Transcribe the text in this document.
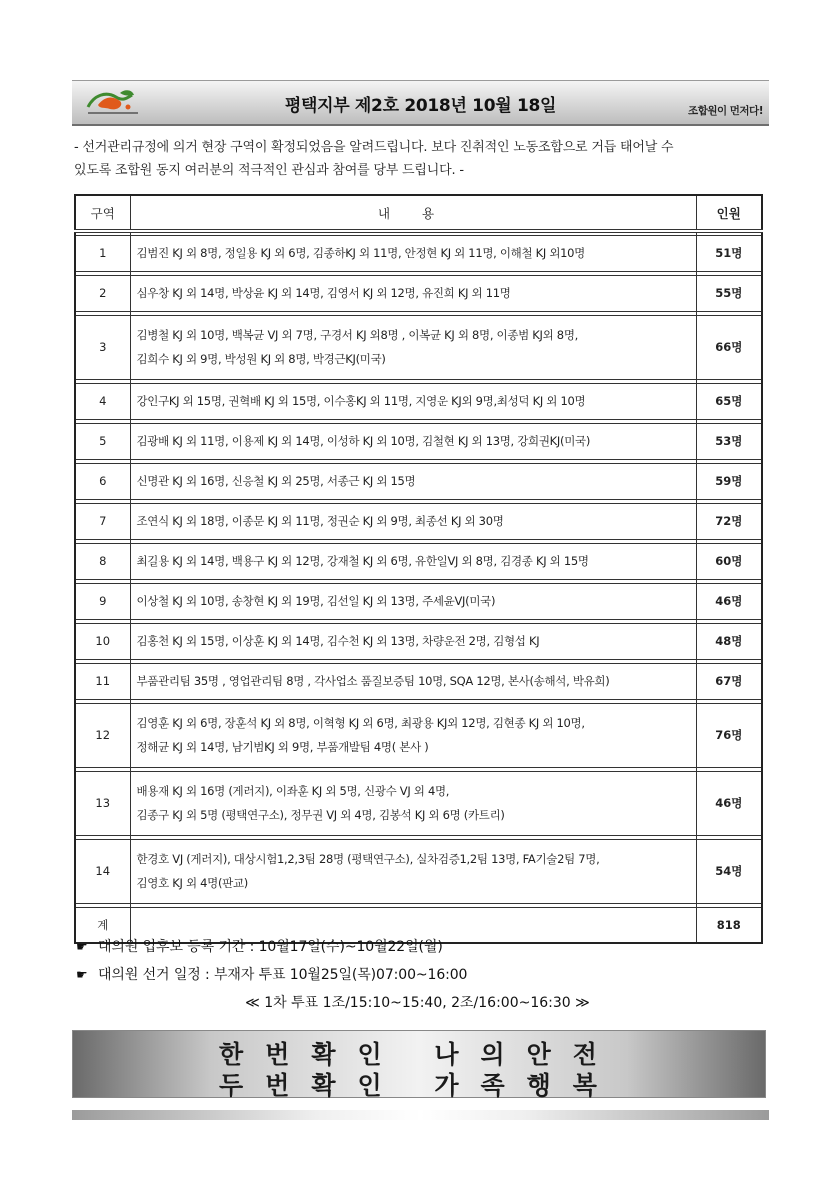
평택지부 제2호 2018년 10월 18일	조합원이 먼저다!
- 선거관리규정에 의거 현장 구역이 확정되었음을 알려드립니다. 보다 진취적인 노동조합으로 거듭 태어날 수
있도록 조합원 동지 여러분의 적극적인 관심과 참여를 당부 드립니다. -
구역	내 용	인원

1	김범진 KJ 외 8명, 정일용 KJ 외 6명, 김종하KJ 외 11명, 안정현 KJ 외 11명, 이해철 KJ 외10명	51명

2	심우창 KJ 외 14명, 박상윤 KJ 외 14명, 김영서 KJ 외 12명, 유진희 KJ 외 11명	55명

3	김병철 KJ 외 10명, 백복균 VJ 외 7명, 구경서 KJ 외8명 , 이복균 KJ 외 8명, 이종범 KJ외 8명,
김희수 KJ 외 9명, 박성원 KJ 외 8명, 박경근KJ(미국)	66명

4	강인구KJ 외 15명, 권혁배 KJ 외 15명, 이수홍KJ 외 11명, 지영운 KJ외 9명,최성덕 KJ 외 10명	65명

5	김광배 KJ 외 11명, 이용제 KJ 외 14명, 이성하 KJ 외 10명, 김철현 KJ 외 13명, 강희권KJ(미국)	53명

6	신명관 KJ 외 16명, 신응철 KJ 외 25명, 서종근 KJ 외 15명	59명

7	조연식 KJ 외 18명, 이종문 KJ 외 11명, 정권순 KJ 외 9명, 최종선 KJ 외 30명	72명

8	최길용 KJ 외 14명, 백용구 KJ 외 12명, 강재철 KJ 외 6명, 유한일VJ 외 8명, 김경종 KJ 외 15명	60명

9	이상철 KJ 외 10명, 송창현 KJ 외 19명, 김선일 KJ 외 13명, 주세윤VJ(미국)	46명

10	김홍천 KJ 외 15명, 이상훈 KJ 외 14명, 김수천 KJ 외 13명, 차량운전 2명, 김형섭 KJ	48명

11	부품관리팀 35명 , 영업관리팀 8명 , 각사업소 품질보증팀 10명, SQA 12명, 본사(송해석, 박유희)	67명

12	김영훈 KJ 외 6명, 장훈석 KJ 외 8명, 이혁형 KJ 외 6명, 최광용 KJ외 12명, 김현종 KJ 외 10명,
정해균 KJ 외 14명, 남기범KJ 외 9명, 부품개발팀 4명( 본사 )	76명

13	배용재 KJ 외 16명 (게러지), 이좌훈 KJ 외 5명, 신광수 VJ 외 4명,
김종구 KJ 외 5명 (평택연구소), 정무권 VJ 외 4명, 김봉석 KJ 외 6명 (카트리)	46명

14	한경호 VJ (게러지), 대상시험1,2,3팀 28명 (평택연구소), 실차검증1,2팀 13명, FA기술2팀 7명,
김영호 KJ 외 4명(판교)	54명

계		818
☛ 대의원 입후보 등록 기간 : 10월17일(수)~10월22일(월)
☛ 대의원 선거 일정 : 부재자 투표 10월25일(목)07:00~16:00
≪ 1차 투표 1조/15:10~15:40, 2조/16:00~16:30 ≫
한번확인 나의안전
두번확인 가족행복
